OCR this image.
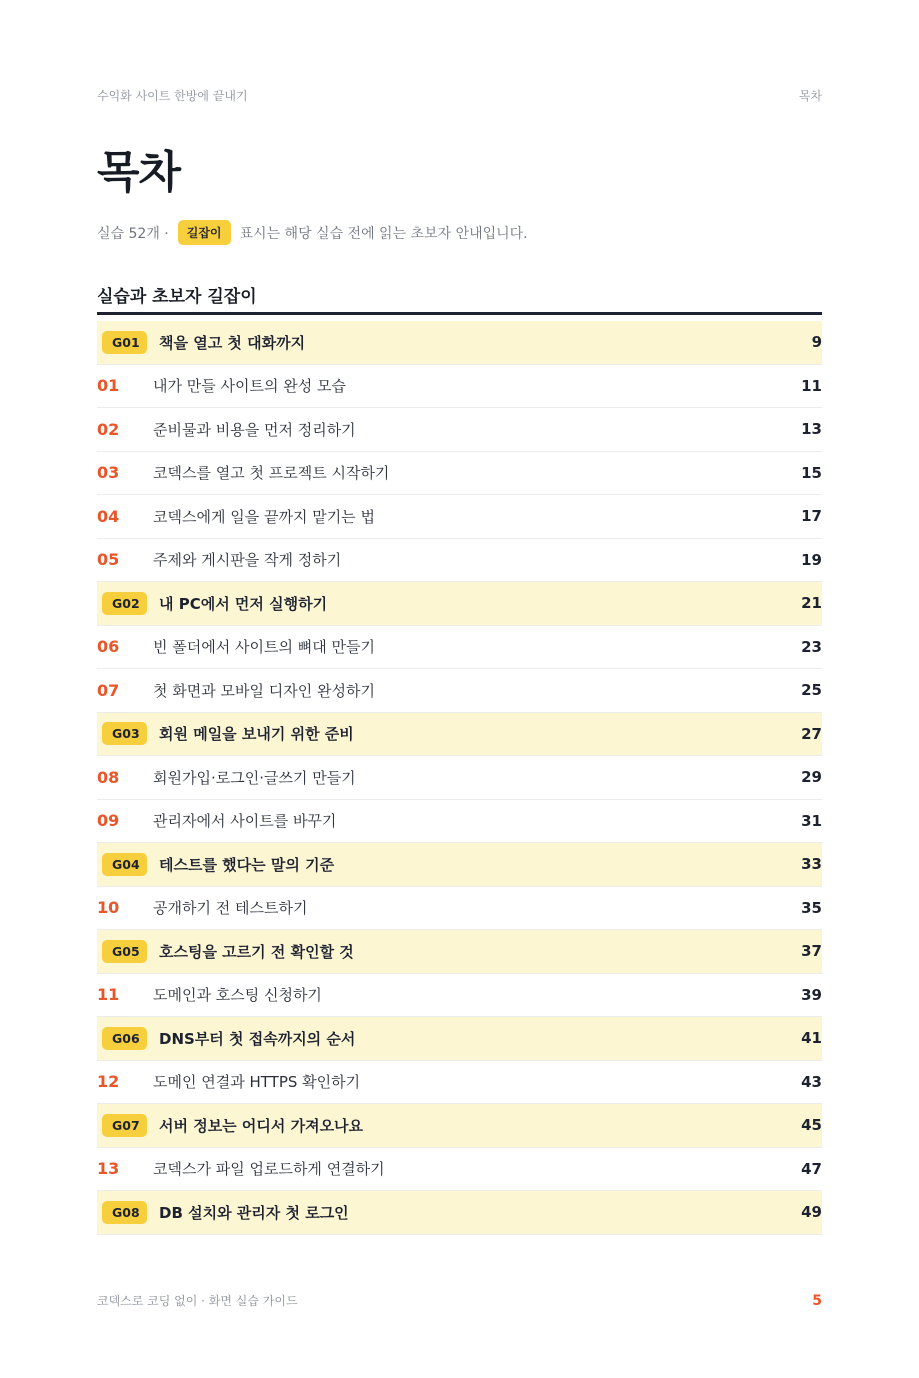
수익화 사이트 한방에 끝내기	목차
목차
실습 52개 ·	길잡이	표시는 해당 실습 전에 읽는 초보자 안내입니다.
실습과 초보자 길잡이
G01	책을 열고 첫 대화까지	9
01	내가 만들 사이트의 완성 모습	11
02	준비물과 비용을 먼저 정리하기	13
03	코덱스를 열고 첫 프로젝트 시작하기	15
04	코덱스에게 일을 끝까지 맡기는 법	17
05	주제와 게시판을 작게 정하기	19
G02	내 PC에서 먼저 실행하기	21
06	빈 폴더에서 사이트의 뼈대 만들기	23
07	첫 화면과 모바일 디자인 완성하기	25
G03	회원 메일을 보내기 위한 준비	27
08	회원가입·로그인·글쓰기 만들기	29
09	관리자에서 사이트를 바꾸기	31
G04	테스트를 했다는 말의 기준	33
10	공개하기 전 테스트하기	35
G05	호스팅을 고르기 전 확인할 것	37
11	도메인과 호스팅 신청하기	39
G06	DNS부터 첫 접속까지의 순서	41
12	도메인 연결과 HTTPS 확인하기	43
G07	서버 정보는 어디서 가져오나요	45
13	코덱스가 파일 업로드하게 연결하기	47
G08	DB 설치와 관리자 첫 로그인	49
코덱스로 코딩 없이 · 화면 실습 가이드	5
